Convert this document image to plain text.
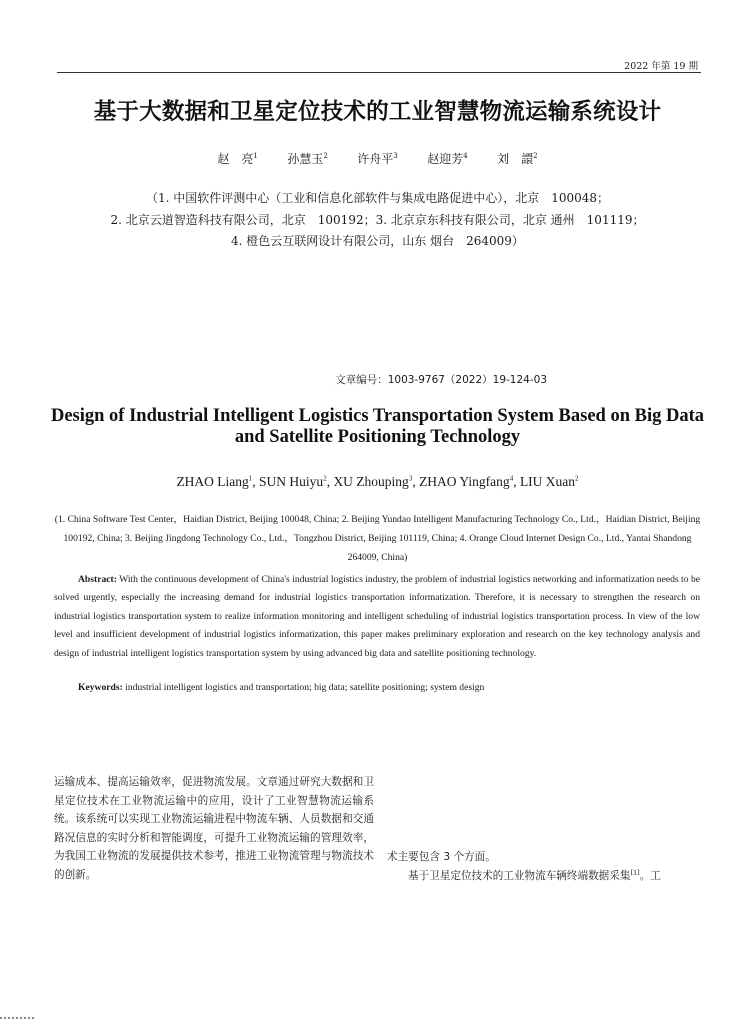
2022 年第 19 期
基于大数据和卫星定位技术的工业智慧物流运输系统设计
赵　亮$^1$ 孙慧玉$^2$ 许舟平$^3$ 赵迎芳$^4$ 刘　譞$^2$
（1. 中国软件评测中心（工业和信息化部软件与集成电路促进中心），北京　100048；
2. 北京云道智造科技有限公司，北京　100192；3. 北京京东科技有限公司，北京 通州　101119；
4. 橙色云互联网设计有限公司，山东 烟台　264009）
文章编号：1003-9767（2022）19-124-03
Design of Industrial Intelligent Logistics Transportation System Based on Big Data and Satellite Positioning Technology
ZHAO Liang$^1$, SUN Huiyu$^2$, XU Zhouping$^3$, ZHAO Yingfang$^4$, LIU Xuan$^2$
(1. China Software Test Center，Haidian District, Beijing 100048, China; 2. Beijing Yundao Intelligent Manufacturing Technology Co., Ltd.，Haidian District, Beijing 100192, China; 3. Beijing Jingdong Technology Co., Ltd.，Tongzhou District, Beijing 101119, China; 4. Orange Cloud Internet Design Co., Ltd., Yantai Shandong 264009, China)
Abstract: With the continuous development of China's industrial logistics industry, the problem of industrial logistics networking and informatization needs to be solved urgently, especially the increasing demand for industrial logistics transportation informatization. Therefore, it is necessary to strengthen the research on industrial logistics transportation system to realize information monitoring and intelligent scheduling of industrial logistics transportation process. In view of the low level and insufficient development of industrial logistics informatization, this paper makes preliminary exploration and research on the key technology analysis and design of industrial intelligent logistics transportation system by using advanced big data and satellite positioning technology.
Keywords: industrial intelligent logistics and transportation; big data; satellite positioning; system design
运输成本、提高运输效率，促进物流发展。文章通过研究大数据和卫星定位技术在工业物流运输中的应用，设计了工业智慧物流运输系统。该系统可以实现工业物流运输进程中物流车辆、人员数据和交通路况信息的实时分析和智能调度，可提升工业物流运输的管理效率，为我国工业物流的发展提供技术参考，推进工业物流管理与物流技术的创新。
术主要包含 3 个方面。
基于卫星定位技术的工业物流车辆终端数据采集[1]。工
